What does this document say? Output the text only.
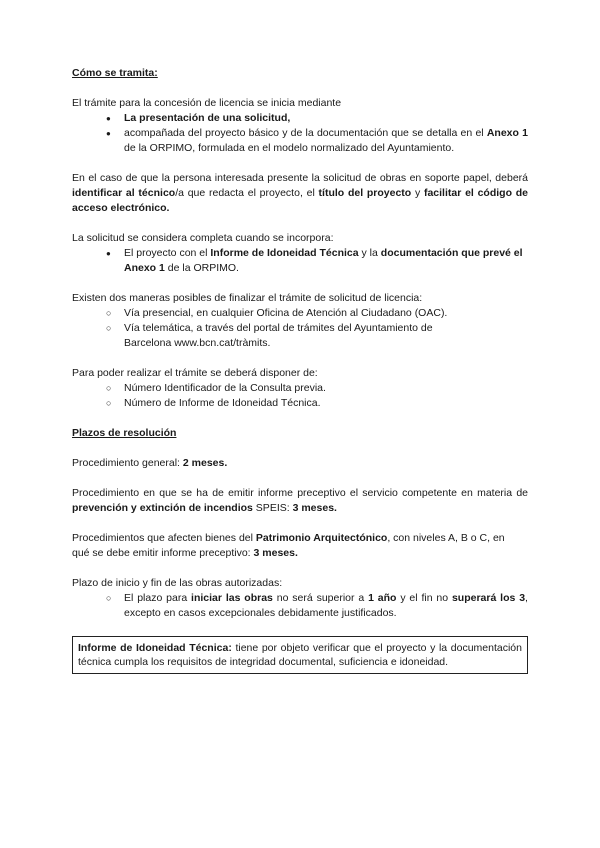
Cómo se tramita:
El trámite para la concesión de licencia se inicia mediante
● La presentación de una solicitud,
● acompañada del proyecto básico y de la documentación que se detalla en el Anexo 1 de la ORPIMO, formulada en el modelo normalizado del Ayuntamiento.

En el caso de que la persona interesada presente la solicitud de obras en soporte papel, deberá identificar al técnico/a que redacta el proyecto, el título del proyecto y facilitar el código de acceso electrónico.

La solicitud se considera completa cuando se incorpora:
● El proyecto con el Informe de Idoneidad Técnica y la documentación que prevé el Anexo 1 de la ORPIMO.
Existen dos maneras posibles de finalizar el trámite de solicitud de licencia:
○ Vía presencial, en cualquier Oficina de Atención al Ciudadano (OAC).
○ Vía telemática, a través del portal de trámites del Ayuntamiento de Barcelona www.bcn.cat/tràmits.
Para poder realizar el trámite se deberá disponer de:
○ Número Identificador de la Consulta previa.
○ Número de Informe de Idoneidad Técnica.
Plazos de resolución

Procedimiento general: 2 meses.

Procedimiento en que se ha de emitir informe preceptivo el servicio competente en materia de prevención y extinción de incendios SPEIS: 3 meses.

Procedimientos que afecten bienes del Patrimonio Arquitectónico, con niveles A, B o C, en qué se debe emitir informe preceptivo: 3 meses.

Plazo de inicio y fin de las obras autorizadas:
○ El plazo para iniciar las obras no será superior a 1 año y el fin no superará los 3, excepto en casos excepcionales debidamente justificados.
Informe de Idoneidad Técnica: tiene por objeto verificar que el proyecto y la documentación técnica cumpla los requisitos de integridad documental, suficiencia e idoneidad.
